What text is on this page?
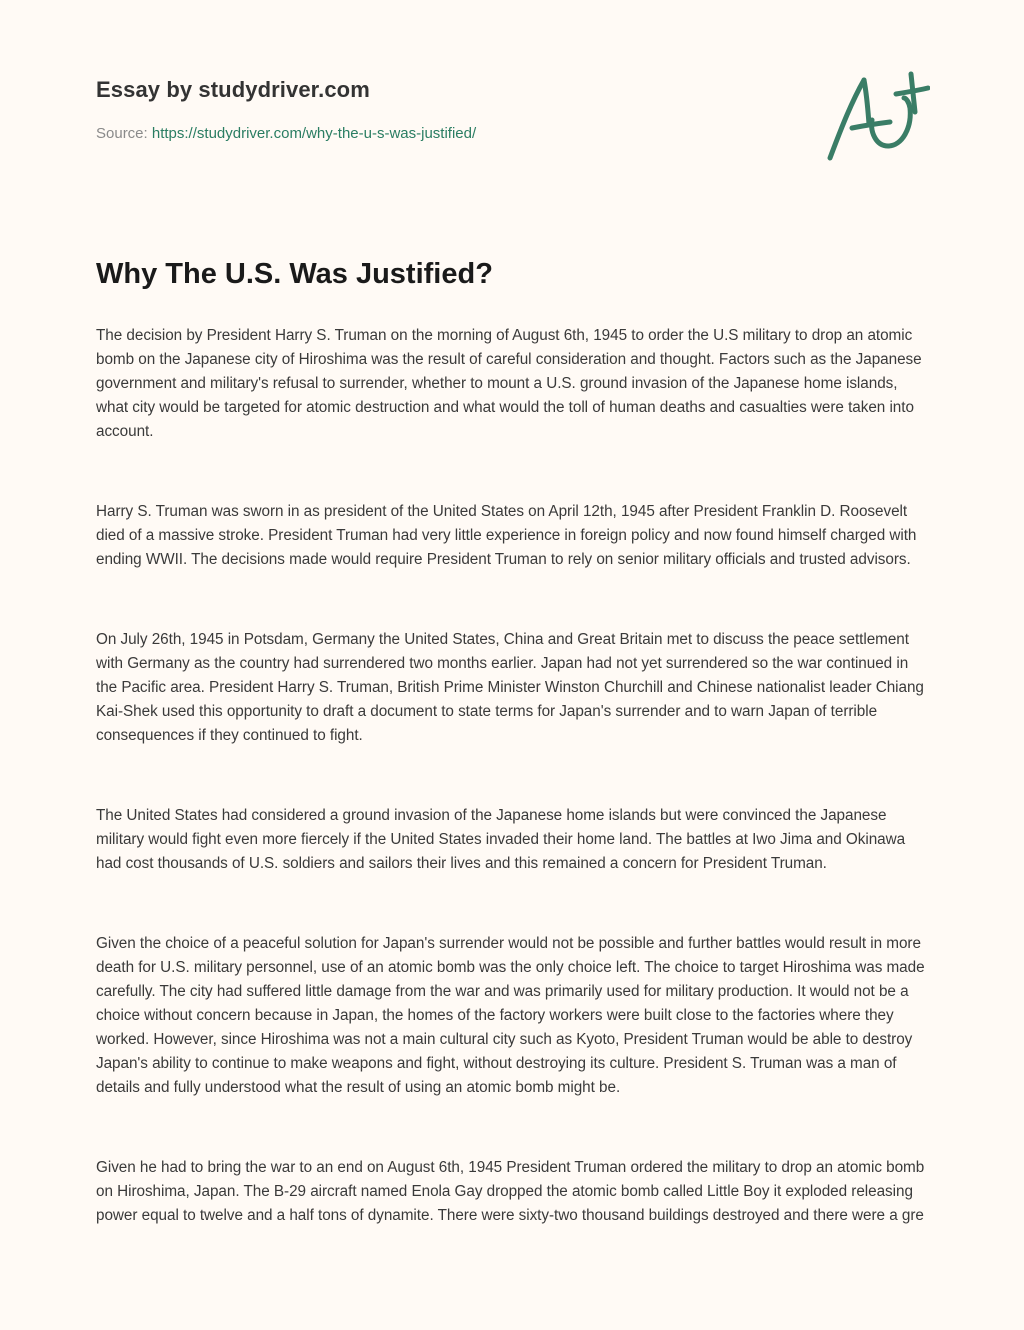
Essay by studydriver.com
Source: https://studydriver.com/why-the-u-s-was-justified/
Why The U.S. Was Justified?

The decision by President Harry S. Truman on the morning of August 6th, 1945 to order the U.S military to drop an atomic bomb on the Japanese city of Hiroshima was the result of careful consideration and thought. Factors such as the Japanese government and military's refusal to surrender, whether to mount a U.S. ground invasion of the Japanese home islands, what city would be targeted for atomic destruction and what would the toll of human deaths and casualties were taken into account.

Harry S. Truman was sworn in as president of the United States on April 12th, 1945 after President Franklin D. Roosevelt died of a massive stroke. President Truman had very little experience in foreign policy and now found himself charged with ending WWII. The decisions made would require President Truman to rely on senior military officials and trusted advisors.

On July 26th, 1945 in Potsdam, Germany the United States, China and Great Britain met to discuss the peace settlement with Germany as the country had surrendered two months earlier. Japan had not yet surrendered so the war continued in the Pacific area. President Harry S. Truman, British Prime Minister Winston Churchill and Chinese nationalist leader Chiang Kai-Shek used this opportunity to draft a document to state terms for Japan's surrender and to warn Japan of terrible consequences if they continued to fight.

The United States had considered a ground invasion of the Japanese home islands but were convinced the Japanese military would fight even more fiercely if the United States invaded their home land. The battles at Iwo Jima and Okinawa had cost thousands of U.S. soldiers and sailors their lives and this remained a concern for President Truman.

Given the choice of a peaceful solution for Japan's surrender would not be possible and further battles would result in more death for U.S. military personnel, use of an atomic bomb was the only choice left. The choice to target Hiroshima was made carefully. The city had suffered little damage from the war and was primarily used for military production. It would not be a choice without concern because in Japan, the homes of the factory workers were built close to the factories where they worked. However, since Hiroshima was not a main cultural city such as Kyoto, President Truman would be able to destroy Japan's ability to continue to make weapons and fight, without destroying its culture. President S. Truman was a man of details and fully understood what the result of using an atomic bomb might be.

Given he had to bring the war to an end on August 6th, 1945 President Truman ordered the military to drop an atomic bomb on Hiroshima, Japan. The B-29 aircraft named Enola Gay dropped the atomic bomb called Little Boy it exploded releasing power equal to twelve and a half tons of dynamite. There were sixty-two thousand buildings destroyed and there were a gre
